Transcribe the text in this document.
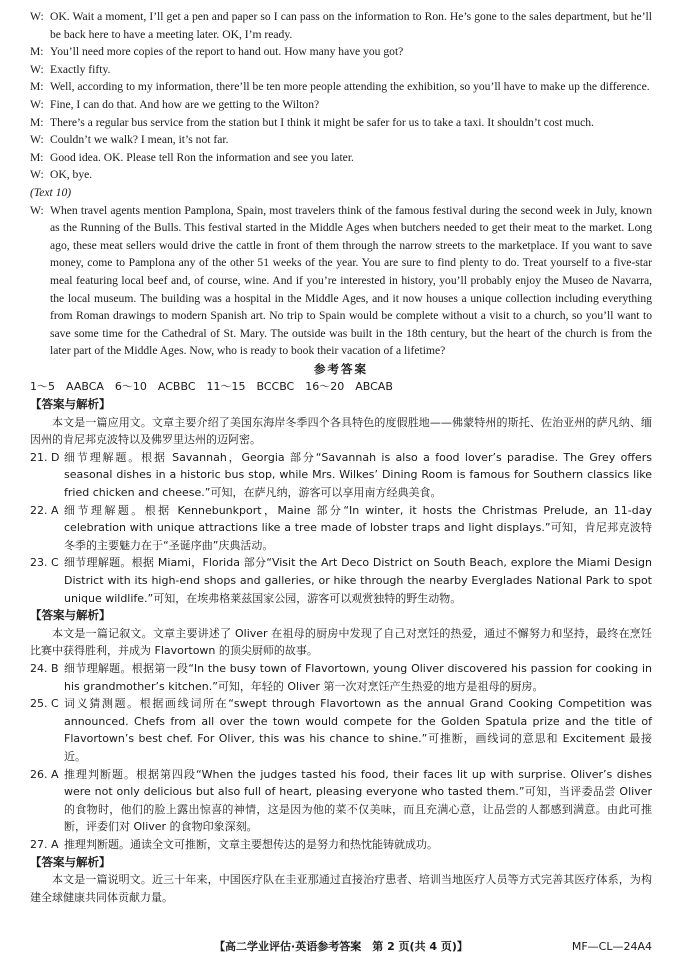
W: OK. Wait a moment, I’ll get a pen and paper so I can pass on the information to Ron. He’s gone to the sales department, but he’ll be back here to have a meeting later. OK, I’m ready.
M: You’ll need more copies of the report to hand out. How many have you got?
W: Exactly fifty.
M: Well, according to my information, there’ll be ten more people attending the exhibition, so you’ll have to make up the difference.
W: Fine, I can do that. And how are we getting to the Wilton?
M: There’s a regular bus service from the station but I think it might be safer for us to take a taxi. It shouldn’t cost much.
W: Couldn’t we walk? I mean, it’s not far.
M: Good idea. OK. Please tell Ron the information and see you later.
W: OK, bye.
(Text 10)
W: When travel agents mention Pamplona, Spain, most travelers think of the famous festival during the second week in July, known as the Running of the Bulls. This festival started in the Middle Ages when butchers needed to get their meat to the market. Long ago, these meat sellers would drive the cattle in front of them through the narrow streets to the marketplace. If you want to save money, come to Pamplona any of the other 51 weeks of the year. You are sure to find plenty to do. Treat yourself to a five-star meal featuring local beef and, of course, wine. And if you’re interested in history, you’ll probably enjoy the Museo de Navarra, the local museum. The building was a hospital in the Middle Ages, and it now houses a unique collection including everything from Roman drawings to modern Spanish art. No trip to Spain would be complete without a visit to a church, so you’ll want to save some time for the Cathedral of St. Mary. The outside was built in the 18th century, but the heart of the church is from the later part of the Middle Ages. Now, who is ready to book their vacation of a lifetime?
参考答案
1～5　AABCA　6～10　ACBBC　11～15　BCCBC　16～20　ABCAB
【答案与解析】
本文是一篇应用文。文章主要介绍了美国东海岸冬季四个各具特色的度假胜地——佛蒙特州的斯托、佐治亚州的萨凡纳、缅因州的肯尼邦克波特以及佛罗里达州的迈阿密。
21. D 细节理解题。根据 Savannah，Georgia 部分“Savannah is also a food lover’s paradise. The Grey offers seasonal dishes in a historic bus stop, while Mrs. Wilkes’ Dining Room is famous for Southern classics like fried chicken and cheese.”可知，在萨凡纳，游客可以享用南方经典美食。
22. A 细节理解题。根据 Kennebunkport，Maine 部分“In winter, it hosts the Christmas Prelude, an 11-day celebration with unique attractions like a tree made of lobster traps and light displays.”可知，肯尼邦克波特冬季的主要魅力在于“圣诞序曲”庆典活动。
23. C 细节理解题。根据 Miami，Florida 部分“Visit the Art Deco District on South Beach, explore the Miami Design District with its high-end shops and galleries, or hike through the nearby Everglades National Park to spot unique wildlife.”可知，在埃弗格莱兹国家公园，游客可以观赏独特的野生动物。
【答案与解析】
本文是一篇记叙文。文章主要讲述了 Oliver 在祖母的厨房中发现了自己对烹饪的热爱，通过不懈努力和坚持，最终在烹饪比赛中获得胜利，并成为 Flavortown 的顶尖厨师的故事。
24. B 细节理解题。根据第一段“In the busy town of Flavortown, young Oliver discovered his passion for cooking in his grandmother’s kitchen.”可知，年轻的 Oliver 第一次对烹饪产生热爱的地方是祖母的厨房。
25. C 词义猜测题。根据画线词所在“swept through Flavortown as the annual Grand Cooking Competition was announced. Chefs from all over the town would compete for the Golden Spatula prize and the title of Flavortown’s best chef. For Oliver, this was his chance to shine.”可推断，画线词的意思和 Excitement 最接近。
26. A 推理判断题。根据第四段“When the judges tasted his food, their faces lit up with surprise. Oliver’s dishes were not only delicious but also full of heart, pleasing everyone who tasted them.”可知，当评委品尝 Oliver 的食物时，他们的脸上露出惊喜的神情，这是因为他的菜不仅美味，而且充满心意，让品尝的人都感到满意。由此可推断，评委们对 Oliver 的食物印象深刻。
27. A 推理判断题。通读全文可推断，文章主要想传达的是努力和热忱能铸就成功。
【答案与解析】
本文是一篇说明文。近三十年来，中国医疗队在圭亚那通过直接治疗患者、培训当地医疗人员等方式完善其医疗体系，为构建全球健康共同体贡献力量。
【高二学业评估·英语参考答案　第 2 页(共 4 页)】	MF—CL—24A4
